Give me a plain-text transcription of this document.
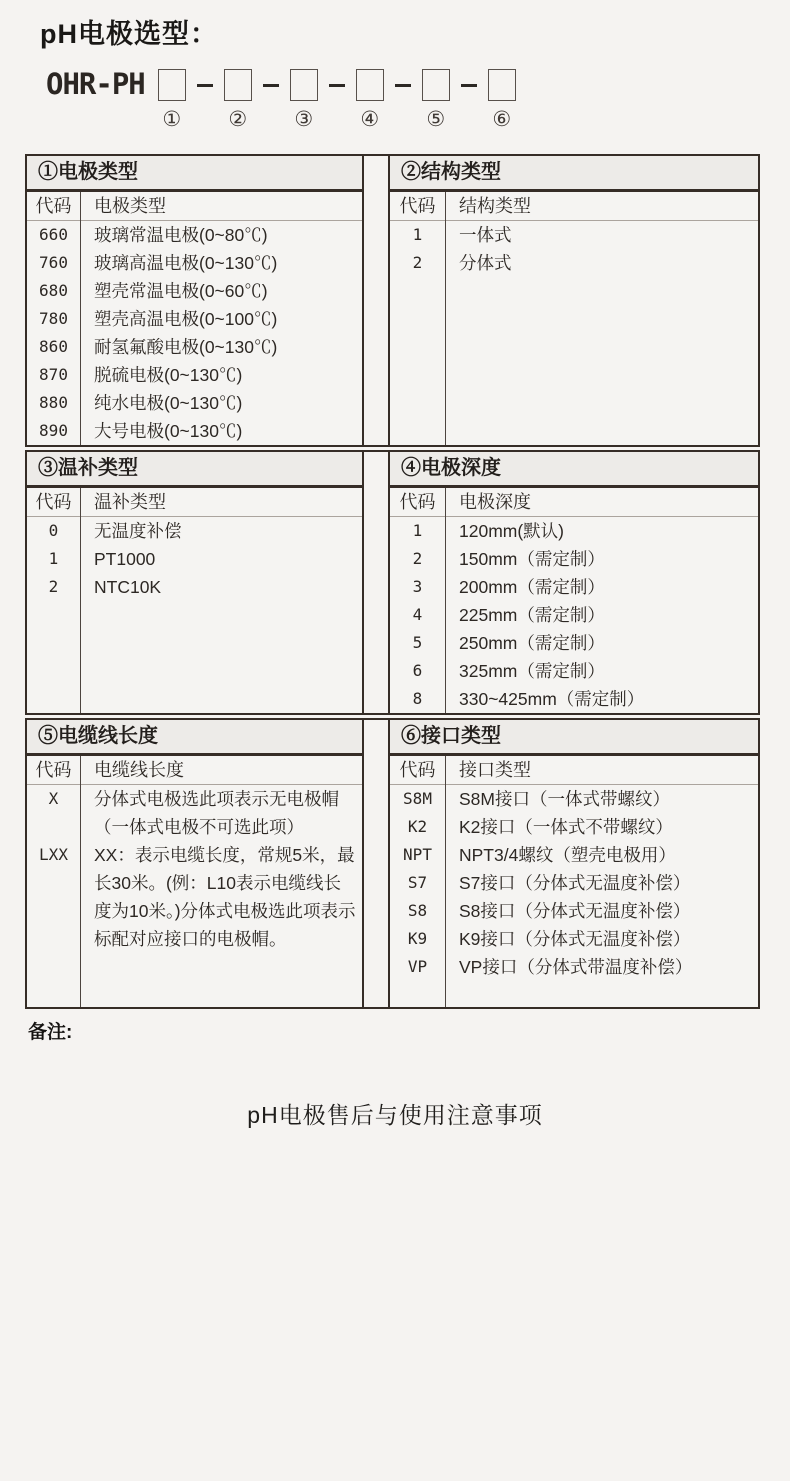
pH电极选型：
OHR-PH
① ② ③ ④ ⑤ ⑥
①电极类型
代码	电极类型
660	玻璃常温电极(0~80℃)
760	玻璃高温电极(0~130℃)
680	塑壳常温电极(0~60℃)
780	塑壳高温电极(0~100℃)
860	耐氢氟酸电极(0~130℃)
870	脱硫电极(0~130℃)
880	纯水电极(0~130℃)
890	大号电极(0~130℃)
②结构类型
代码	结构类型
1	一体式
2	分体式
③温补类型
代码	温补类型
0	无温度补偿
1	PT1000
2	NTC10K
④电极深度
代码	电极深度
1	120mm(默认)
2	150mm（需定制）
3	200mm（需定制）
4	225mm（需定制）
5	250mm（需定制）
6	325mm（需定制）
8	330~425mm（需定制）
⑤电缆线长度
代码	电缆线长度
X	分体式电极选此项表示无电极帽（一体式电极不可选此项）
LXX	XX：表示电缆长度，常规5米，最长30米。(例：L10表示电缆线长度为10米。)分体式电极选此项表示标配对应接口的电极帽。
⑥接口类型
代码	接口类型
S8M	S8M接口（一体式带螺纹）
K2	K2接口（一体式不带螺纹）
NPT	NPT3/4螺纹（塑壳电极用）
S7	S7接口（分体式无温度补偿）
S8	S8接口（分体式无温度补偿）
K9	K9接口（分体式无温度补偿）
VP	VP接口（分体式带温度补偿）

备注:

pH电极售后与使用注意事项
